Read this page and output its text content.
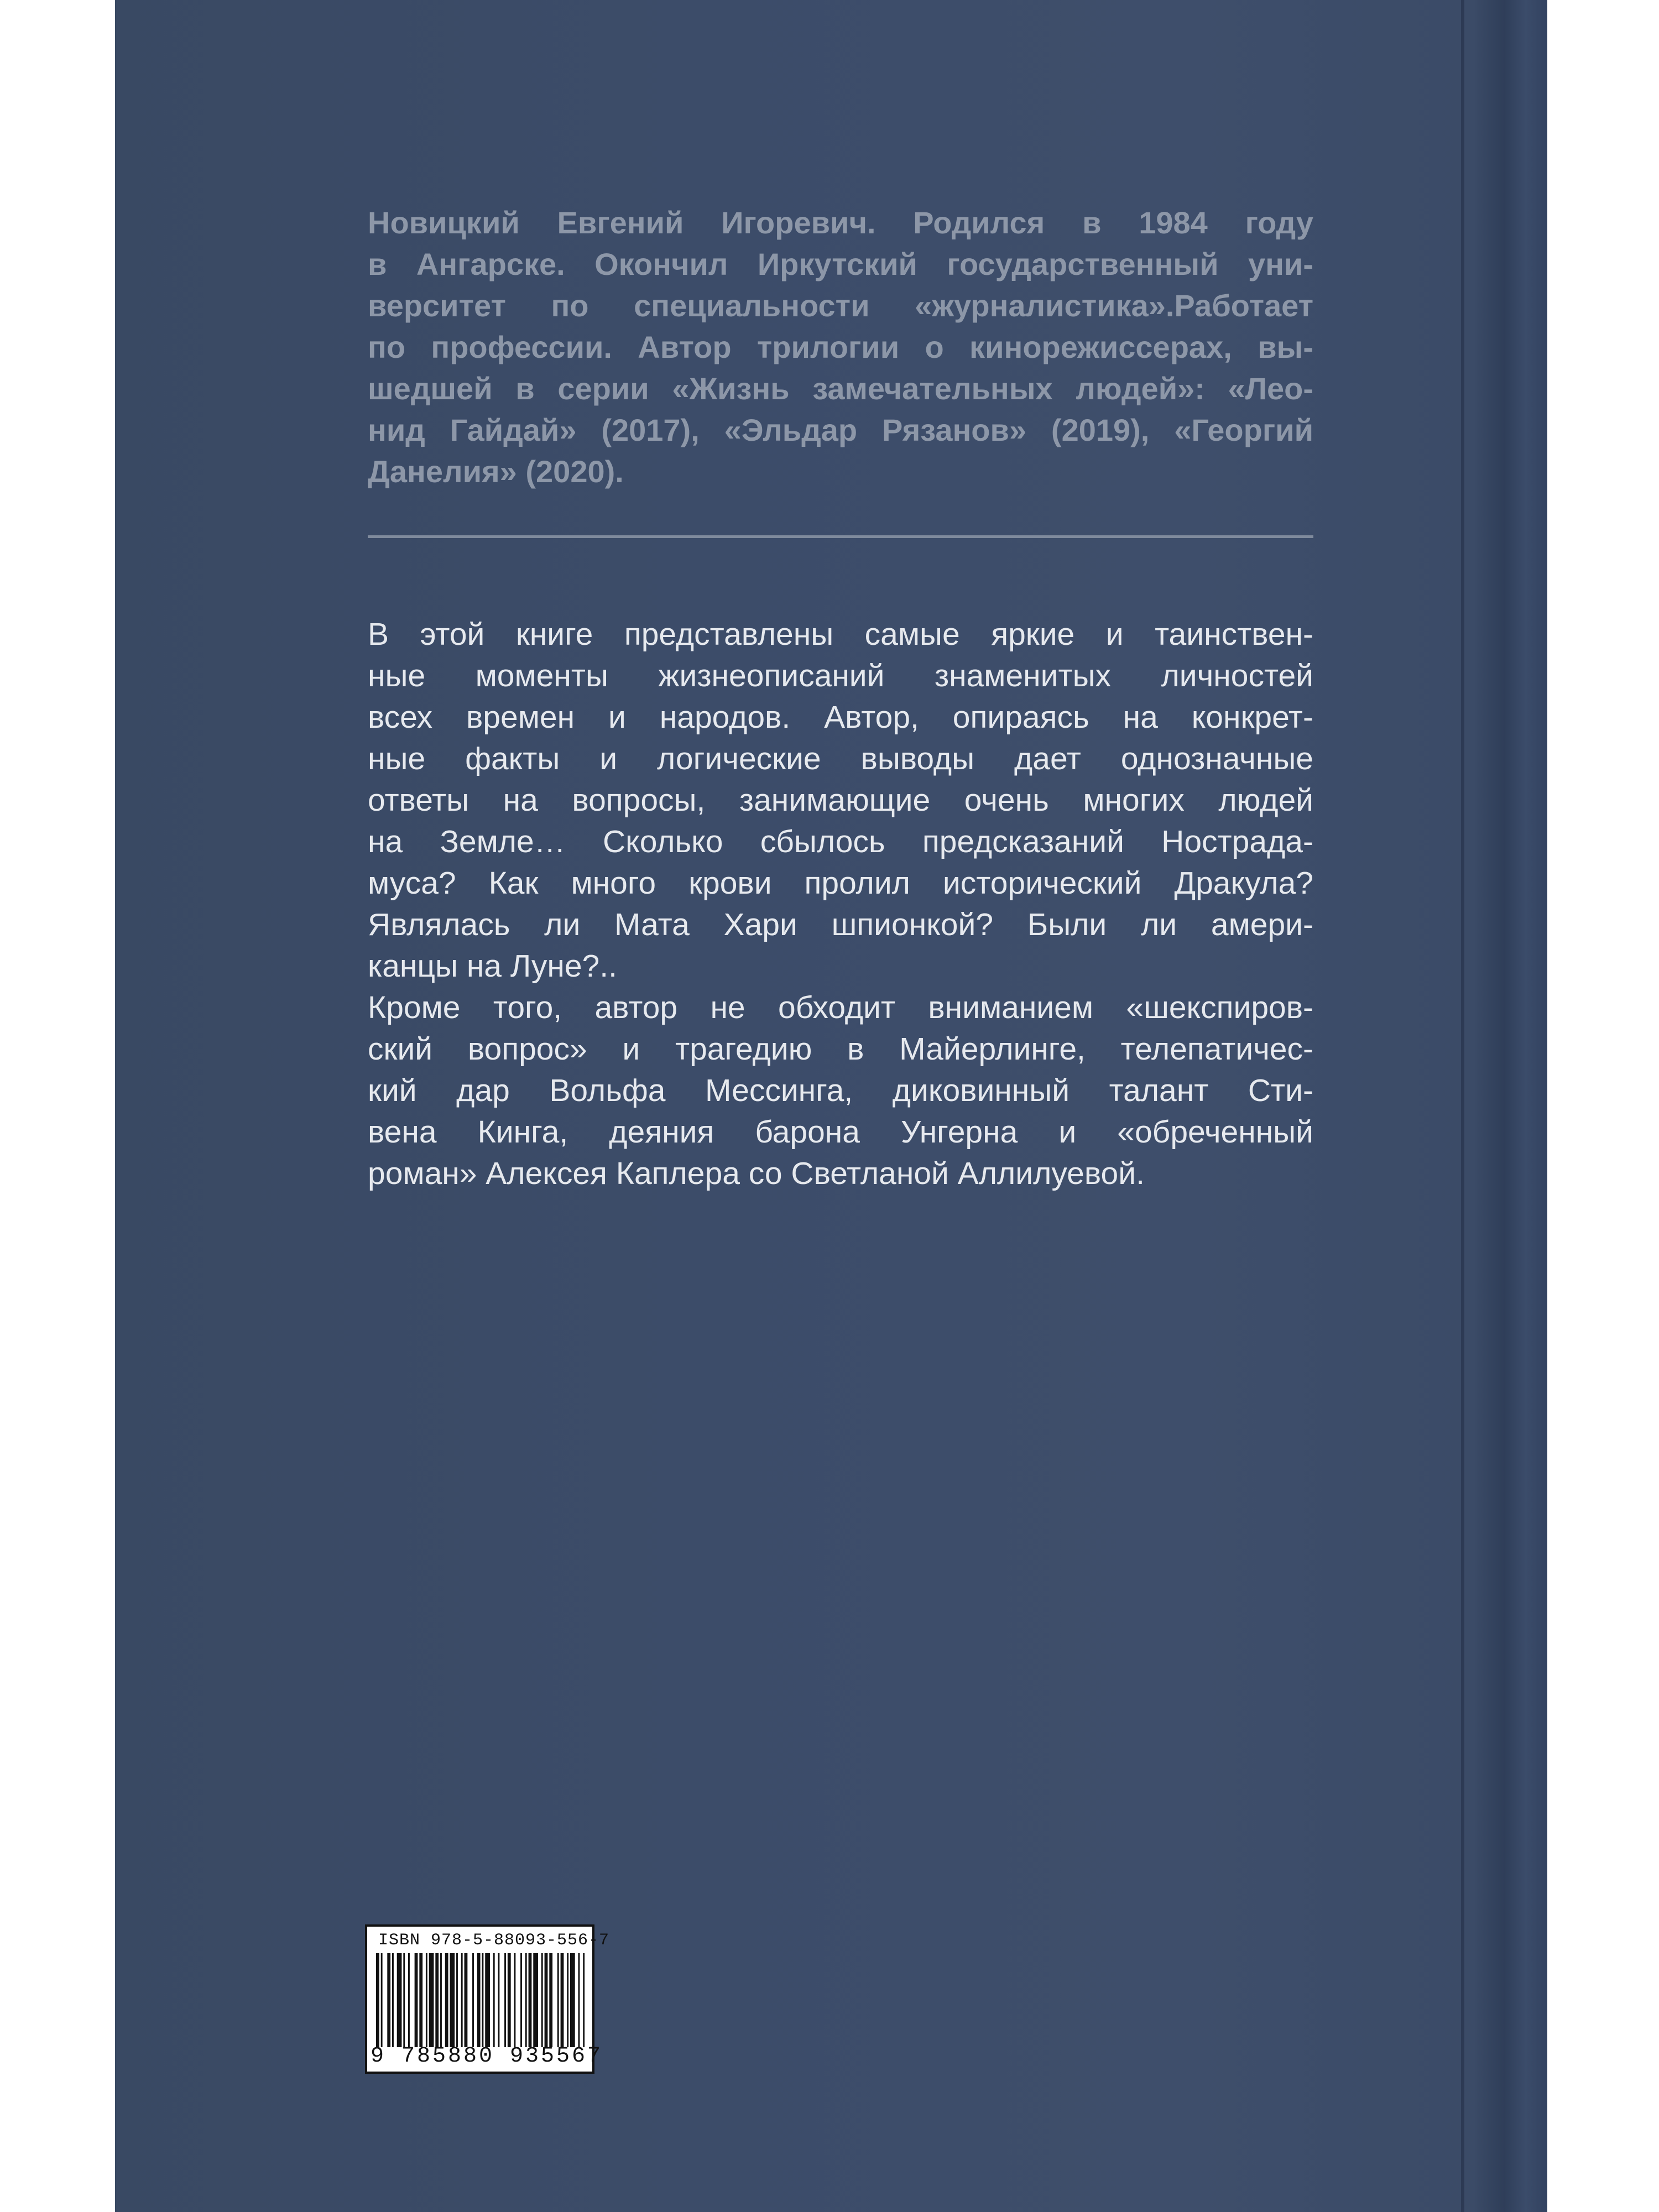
Новицкий Евгений Игоревич. Родился в 1984 году
в Ангарске. Окончил Иркутский государственный уни-
верситет по специальности «журналистика».Работает
по профессии. Автор трилогии о кинорежиссерах, вы-
шедшей в серии «Жизнь замечательных людей»: «Лео-
нид Гайдай» (2017), «Эльдар Рязанов» (2019), «Георгий
Данелия» (2020).
В этой книге представлены самые яркие и таинствен-
ные моменты жизнеописаний знаменитых личностей
всех времен и народов. Автор, опираясь на конкрет-
ные факты и логические выводы дает однозначные
ответы на вопросы, занимающие очень многих людей
на Земле… Сколько сбылось предсказаний Нострада-
муса? Как много крови пролил исторический Дракула?
Являлась ли Мата Хари шпионкой? Были ли амери-
канцы на Луне?..
Кроме того, автор не обходит вниманием «шекспиров-
ский вопрос» и трагедию в Майерлинге, телепатичес-
кий дар Вольфа Мессинга, диковинный талант Сти-
вена Кинга, деяния барона Унгерна и «обреченный
роман» Алексея Каплера со Светланой Аллилуевой.
ISBN 978-5-88093-556-7
9 785880 935567
